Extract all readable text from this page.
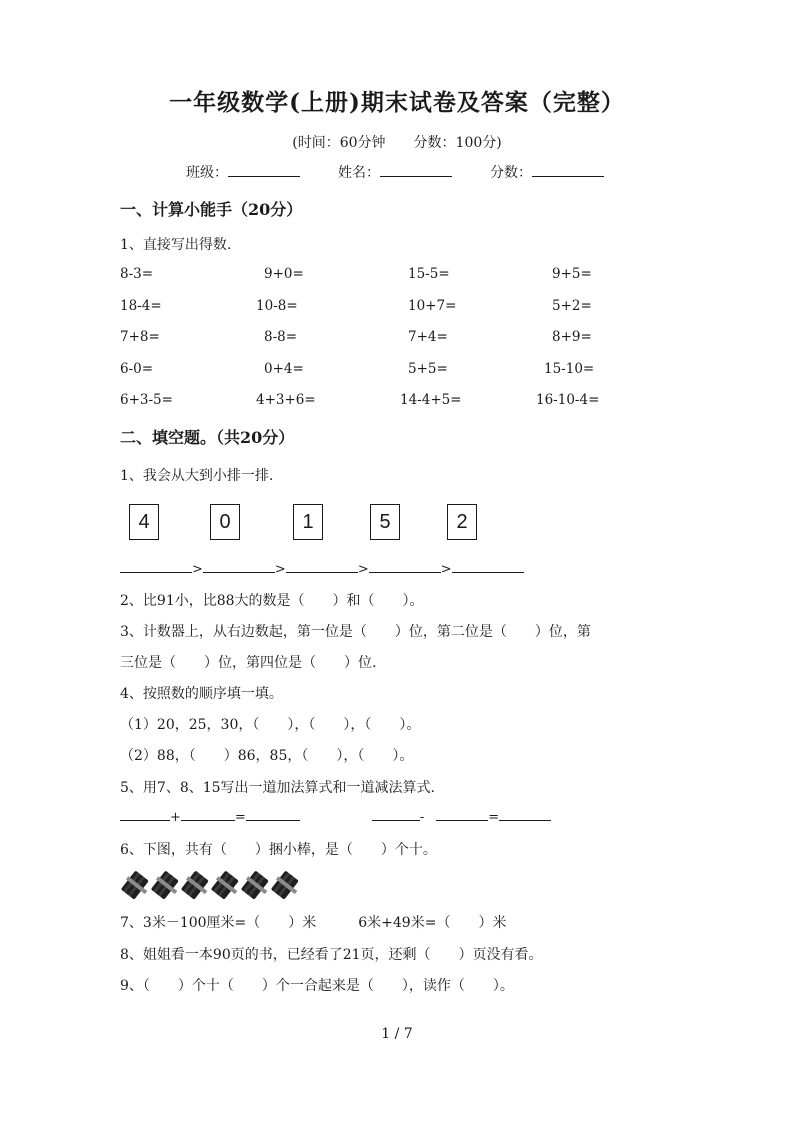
一年级数学(上册)期末试卷及答案（完整）
(时间：60分钟　　分数：100分)
班级：	姓名：	分数：
一、计算小能手（20分）
1、直接写出得数.
8-3=	9+0=	15-5=	9+5=
18-4=	10-8=	10+7=	5+2=
7+8=	8-8=	7+4=	8+9=
6-0=	0+4=	5+5=	15-10=
6+3-5=	4+3+6=	14-4+5=	16-10-4=
二、填空题。（共20分）
1、我会从大到小排一排.
4	0	1	5	2
>	>	>	>
2、比91小，比88大的数是（　　）和（　　）。
3、计数器上，从右边数起，第一位是（　　）位，第二位是（　　）位，第
三位是（　　）位，第四位是（　　）位.
4、按照数的顺序填一填。
（1）20，25，30，（　　），（　　），（　　）。
（2）88，（　　）86，85，（　　），（　　）。
5、用7、8、15写出一道加法算式和一道减法算式.
+	=	-	=
6、下图，共有（　　）捆小棒，是（　　）个十。
7、3米－100厘米=（　　）米　　　6米+49米=（　　）米
8、姐姐看一本90页的书，已经看了21页，还剩（　　）页没有看。
9、（　　）个十（　　）个一合起来是（　　），读作（　　）。
1 / 7
